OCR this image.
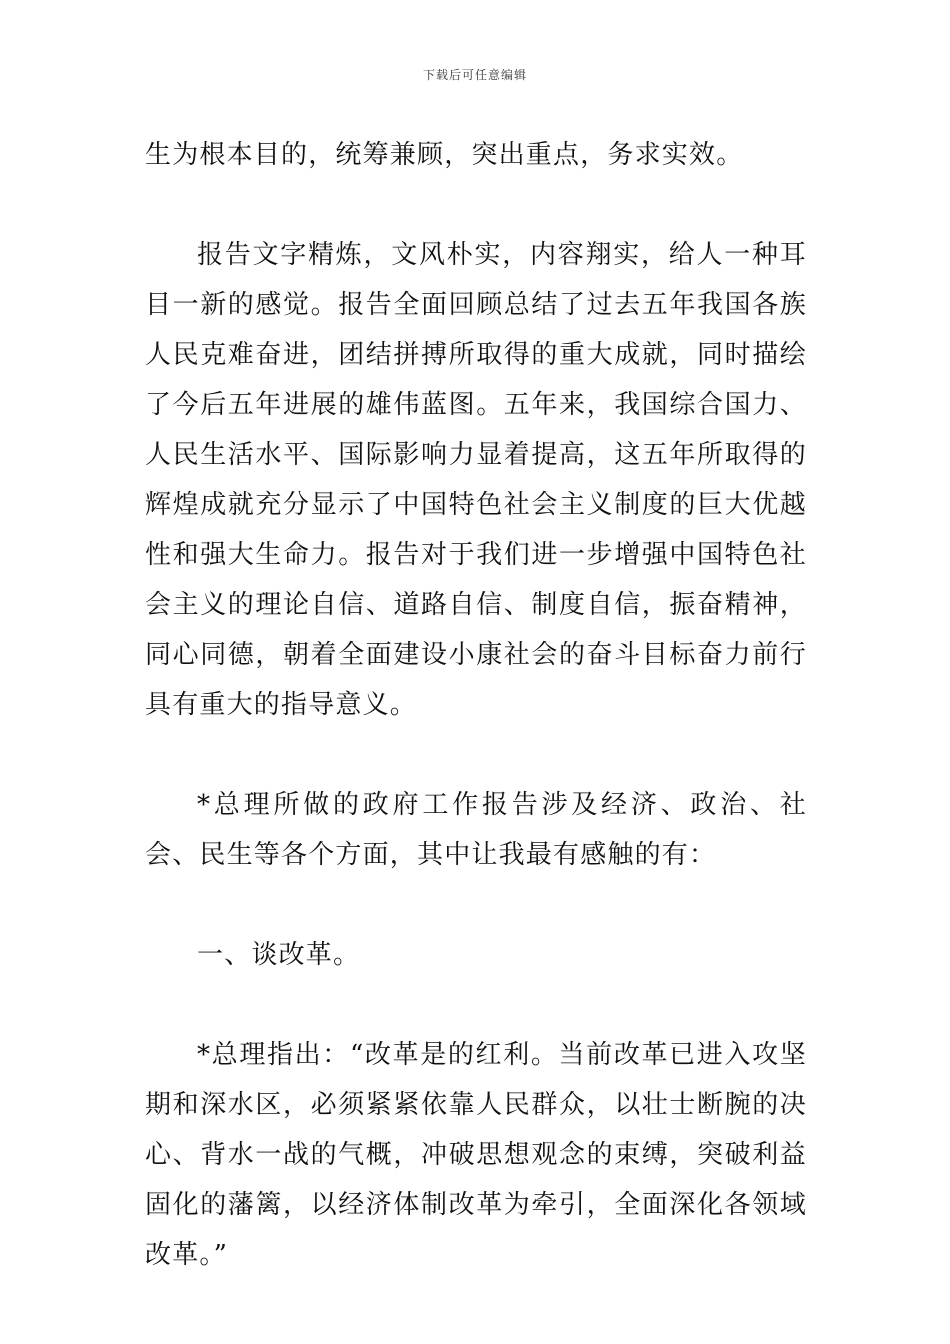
下载后可任意编辑

生为根本目的，统筹兼顾，突出重点，务求实效。

报告文字精炼，文风朴实，内容翔实，给人一种耳目一新的感觉。报告全面回顾总结了过去五年我国各族人民克难奋进，团结拼搏所取得的重大成就，同时描绘了今后五年进展的雄伟蓝图。五年来，我国综合国力、人民生活水平、国际影响力显着提高，这五年所取得的辉煌成就充分显示了中国特色社会主义制度的巨大优越性和强大生命力。报告对于我们进一步增强中国特色社会主义的理论自信、道路自信、制度自信，振奋精神，同心同德，朝着全面建设小康社会的奋斗目标奋力前行具有重大的指导意义。

*总理所做的政府工作报告涉及经济、政治、社会、民生等各个方面，其中让我最有感触的有：

一、谈改革。

*总理指出：“改革是的红利。当前改革已进入攻坚期和深水区，必须紧紧依靠人民群众，以壮士断腕的决心、背水一战的气概，冲破思想观念的束缚，突破利益固化的藩篱，以经济体制改革为牵引，全面深化各领域改革。”
